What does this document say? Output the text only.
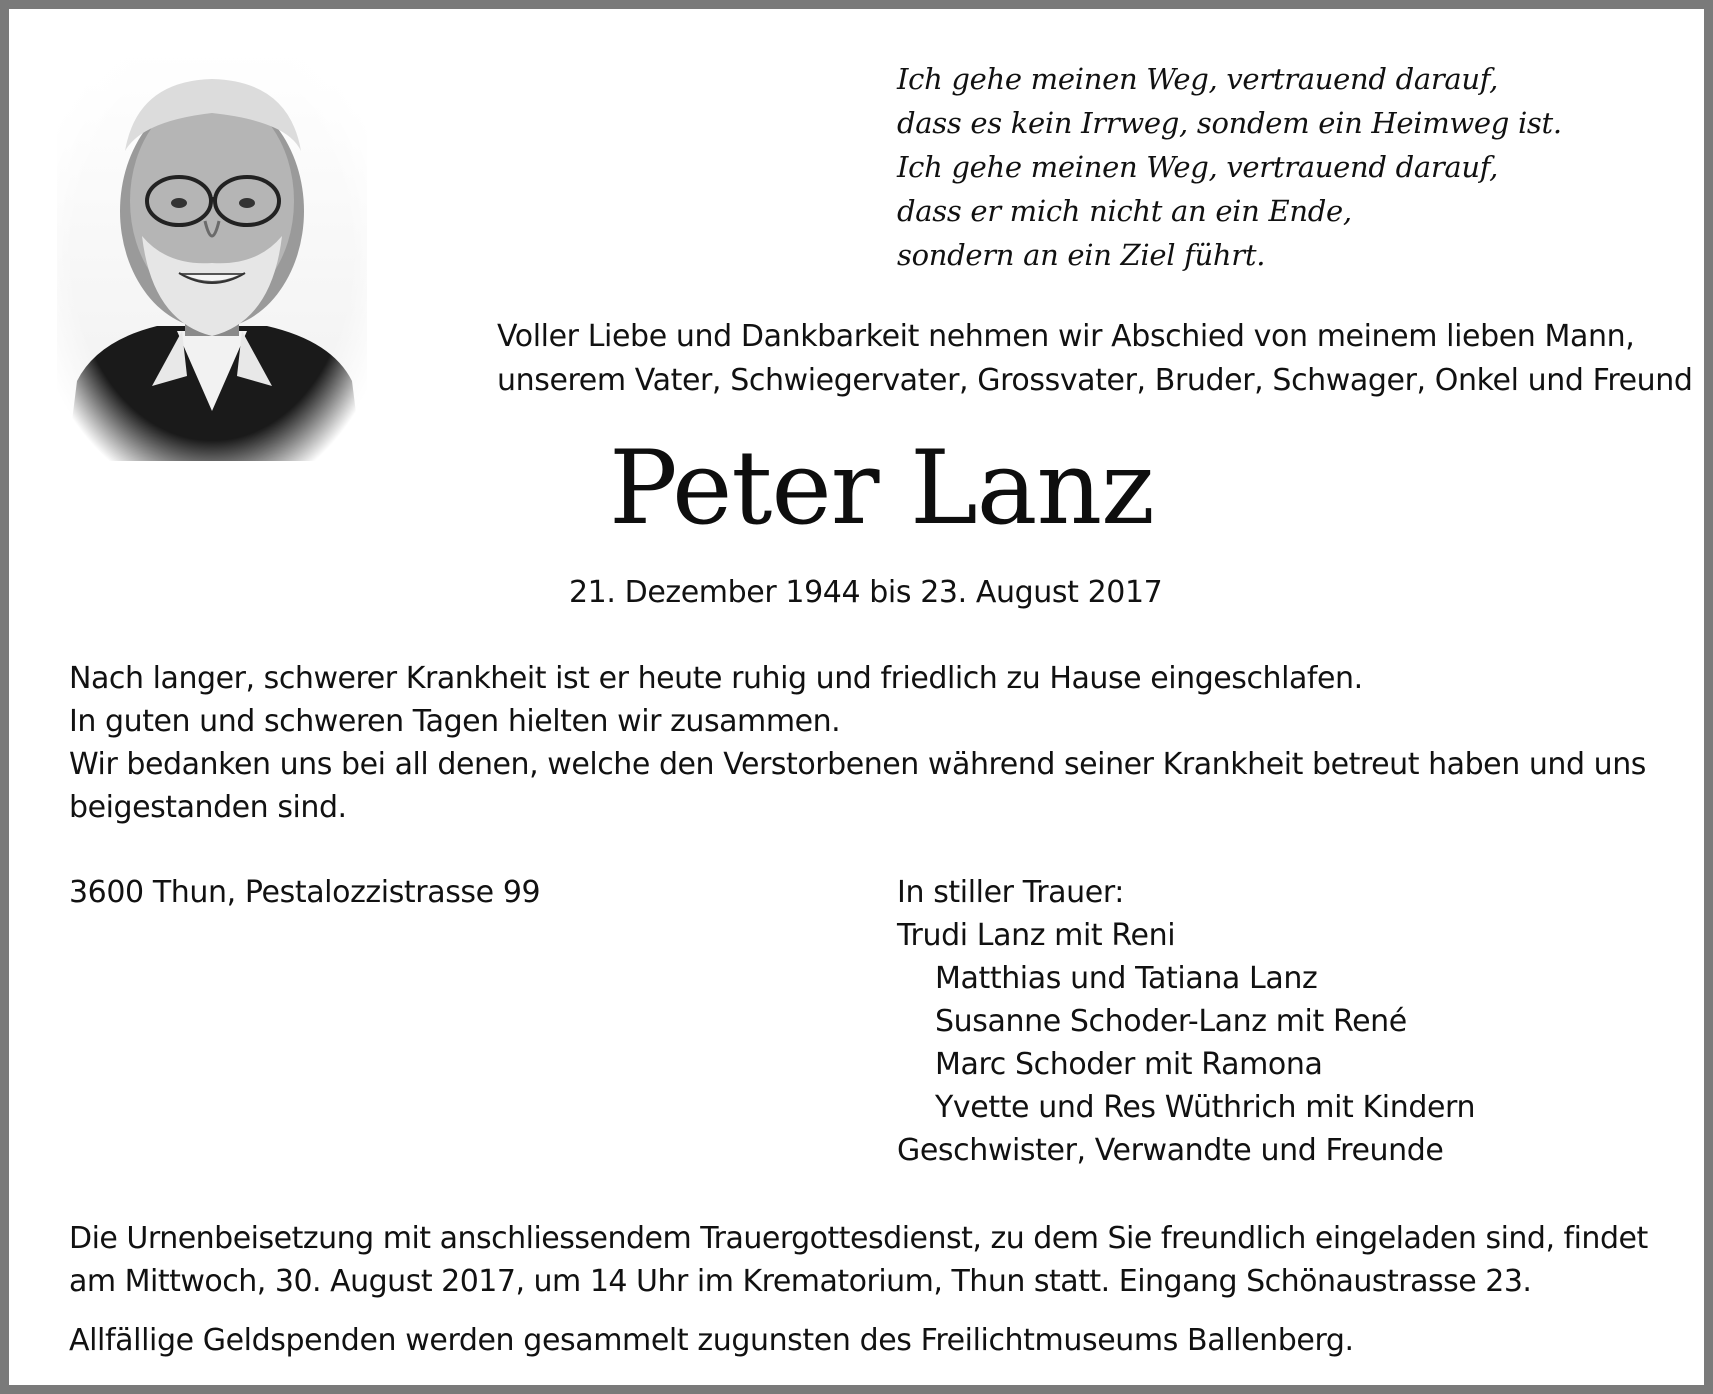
Ich gehe meinen Weg, vertrauend darauf,
dass es kein Irrweg, sondem ein Heimweg ist.
Ich gehe meinen Weg, vertrauend darauf,
dass er mich nicht an ein Ende,
sondern an ein Ziel führt.
Voller Liebe und Dankbarkeit nehmen wir Abschied von meinem lieben Mann,
unserem Vater, Schwiegervater, Grossvater, Bruder, Schwager, Onkel und Freund
Peter Lanz
21. Dezember 1944 bis 23. August 2017
Nach langer, schwerer Krankheit ist er heute ruhig und friedlich zu Hause eingeschlafen.
In guten und schweren Tagen hielten wir zusammen.
Wir bedanken uns bei all denen, welche den Verstorbenen während seiner Krankheit betreut haben und uns
beigestanden sind.
3600 Thun, Pestalozzistrasse 99	In stiller Trauer:
Trudi Lanz mit Reni
Matthias und Tatiana Lanz
Susanne Schoder-Lanz mit René
Marc Schoder mit Ramona
Yvette und Res Wüthrich mit Kindern
Geschwister, Verwandte und Freunde
Die Urnenbeisetzung mit anschliessendem Trauergottesdienst, zu dem Sie freundlich eingeladen sind, findet
am Mittwoch, 30. August 2017, um 14 Uhr im Krematorium, Thun statt. Eingang Schönaustrasse 23.
Allfällige Geldspenden werden gesammelt zugunsten des Freilichtmuseums Ballenberg.
